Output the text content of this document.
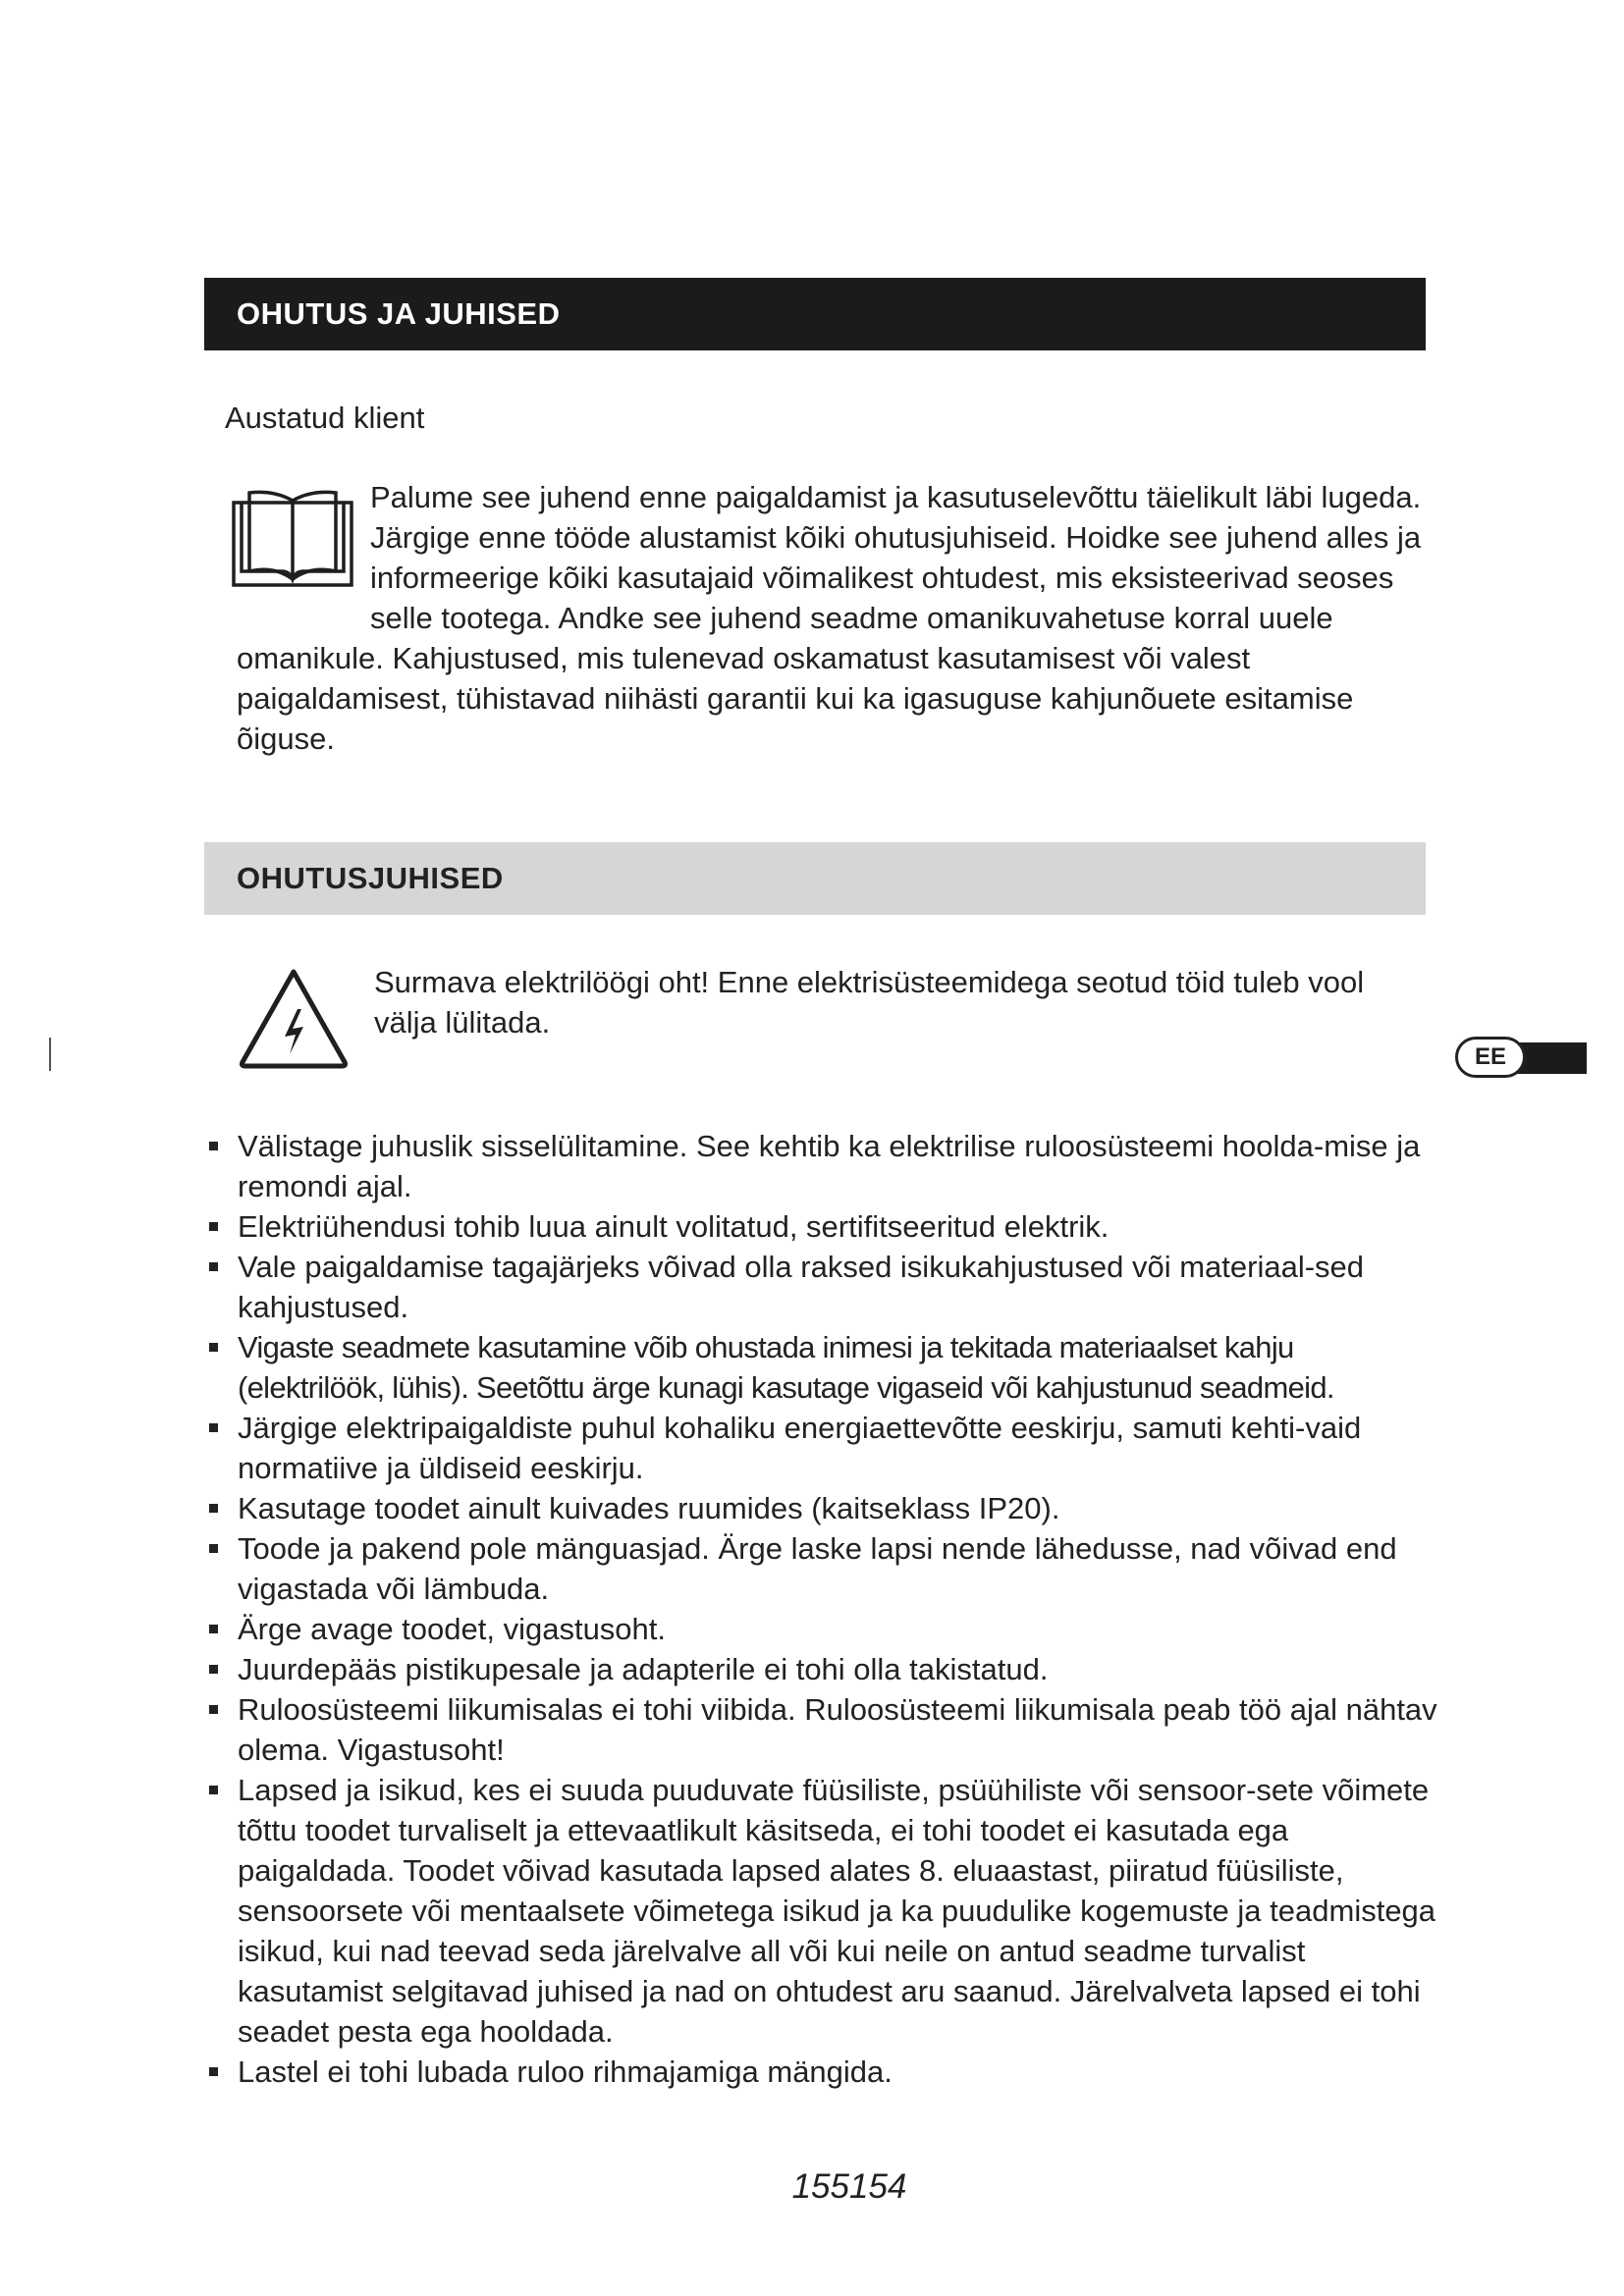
OHUTUS JA JUHISED
Austatud klient
Palume see juhend enne paigaldamist ja kasutuselevõttu täielikult läbi lugeda. Järgige enne tööde alustamist kõiki ohutusjuhiseid. Hoidke see juhend alles ja informeerige kõiki kasutajaid võimalikest ohtudest, mis eksisteerivad seoses selle tootega. Andke see juhend seadme omanikuvahetuse korral uuele omanikule. Kahjustused, mis tulenevad oskamatust kasutamisest või valest paigaldamisest, tühistavad niihästi garantii kui ka igasuguse kahjunõuete esitamise õiguse.
OHUTUSJUHISED
Surmava elektrilöögi oht! Enne elektrisüsteemidega seotud töid tuleb vool välja lülitada.
Välistage juhuslik sisselülitamine. See kehtib ka elektrilise ruloosüsteemi hoolda-mise ja remondi ajal.
Elektriühendusi tohib luua ainult volitatud, sertifitseeritud elektrik.
Vale paigaldamise tagajärjeks võivad olla raksed isikukahjustused või materiaal-sed kahjustused.
Vigaste seadmete kasutamine võib ohustada inimesi ja tekitada materiaalset kahju (elektrilöök, lühis). Seetõttu ärge kunagi kasutage vigaseid või kahjustunud seadmeid.
Järgige elektripaigaldiste puhul kohaliku energiaettevõtte eeskirju, samuti kehti-vaid normatiive ja üldiseid eeskirju.
Kasutage toodet ainult kuivades ruumides (kaitseklass IP20).
Toode ja pakend pole mänguasjad. Ärge laske lapsi nende lähedusse, nad võivad end vigastada või lämbuda.
Ärge avage toodet, vigastusoht.
Juurdepääs pistikupesale ja adapterile ei tohi olla takistatud.
Ruloosüsteemi liikumisalas ei tohi viibida. Ruloosüsteemi liikumisala peab töö ajal nähtav olema. Vigastusoht!
Lapsed ja isikud, kes ei suuda puuduvate füüsiliste, psüühiliste või sensoor-sete võimete tõttu toodet turvaliselt ja ettevaatlikult käsitseda, ei tohi toodet ei kasutada ega paigaldada. Toodet võivad kasutada lapsed alates 8. eluaastast, piiratud füüsiliste, sensoorsete või mentaalsete võimetega isikud ja ka puudulike kogemuste ja teadmistega isikud, kui nad teevad seda järelvalve all või kui neile on antud seadme turvalist kasutamist selgitavad juhised ja nad on ohtudest aru saanud. Järelvalveta lapsed ei tohi seadet pesta ega hooldada.
Lastel ei tohi lubada ruloo rihmajamiga mängida.
EE
155154
